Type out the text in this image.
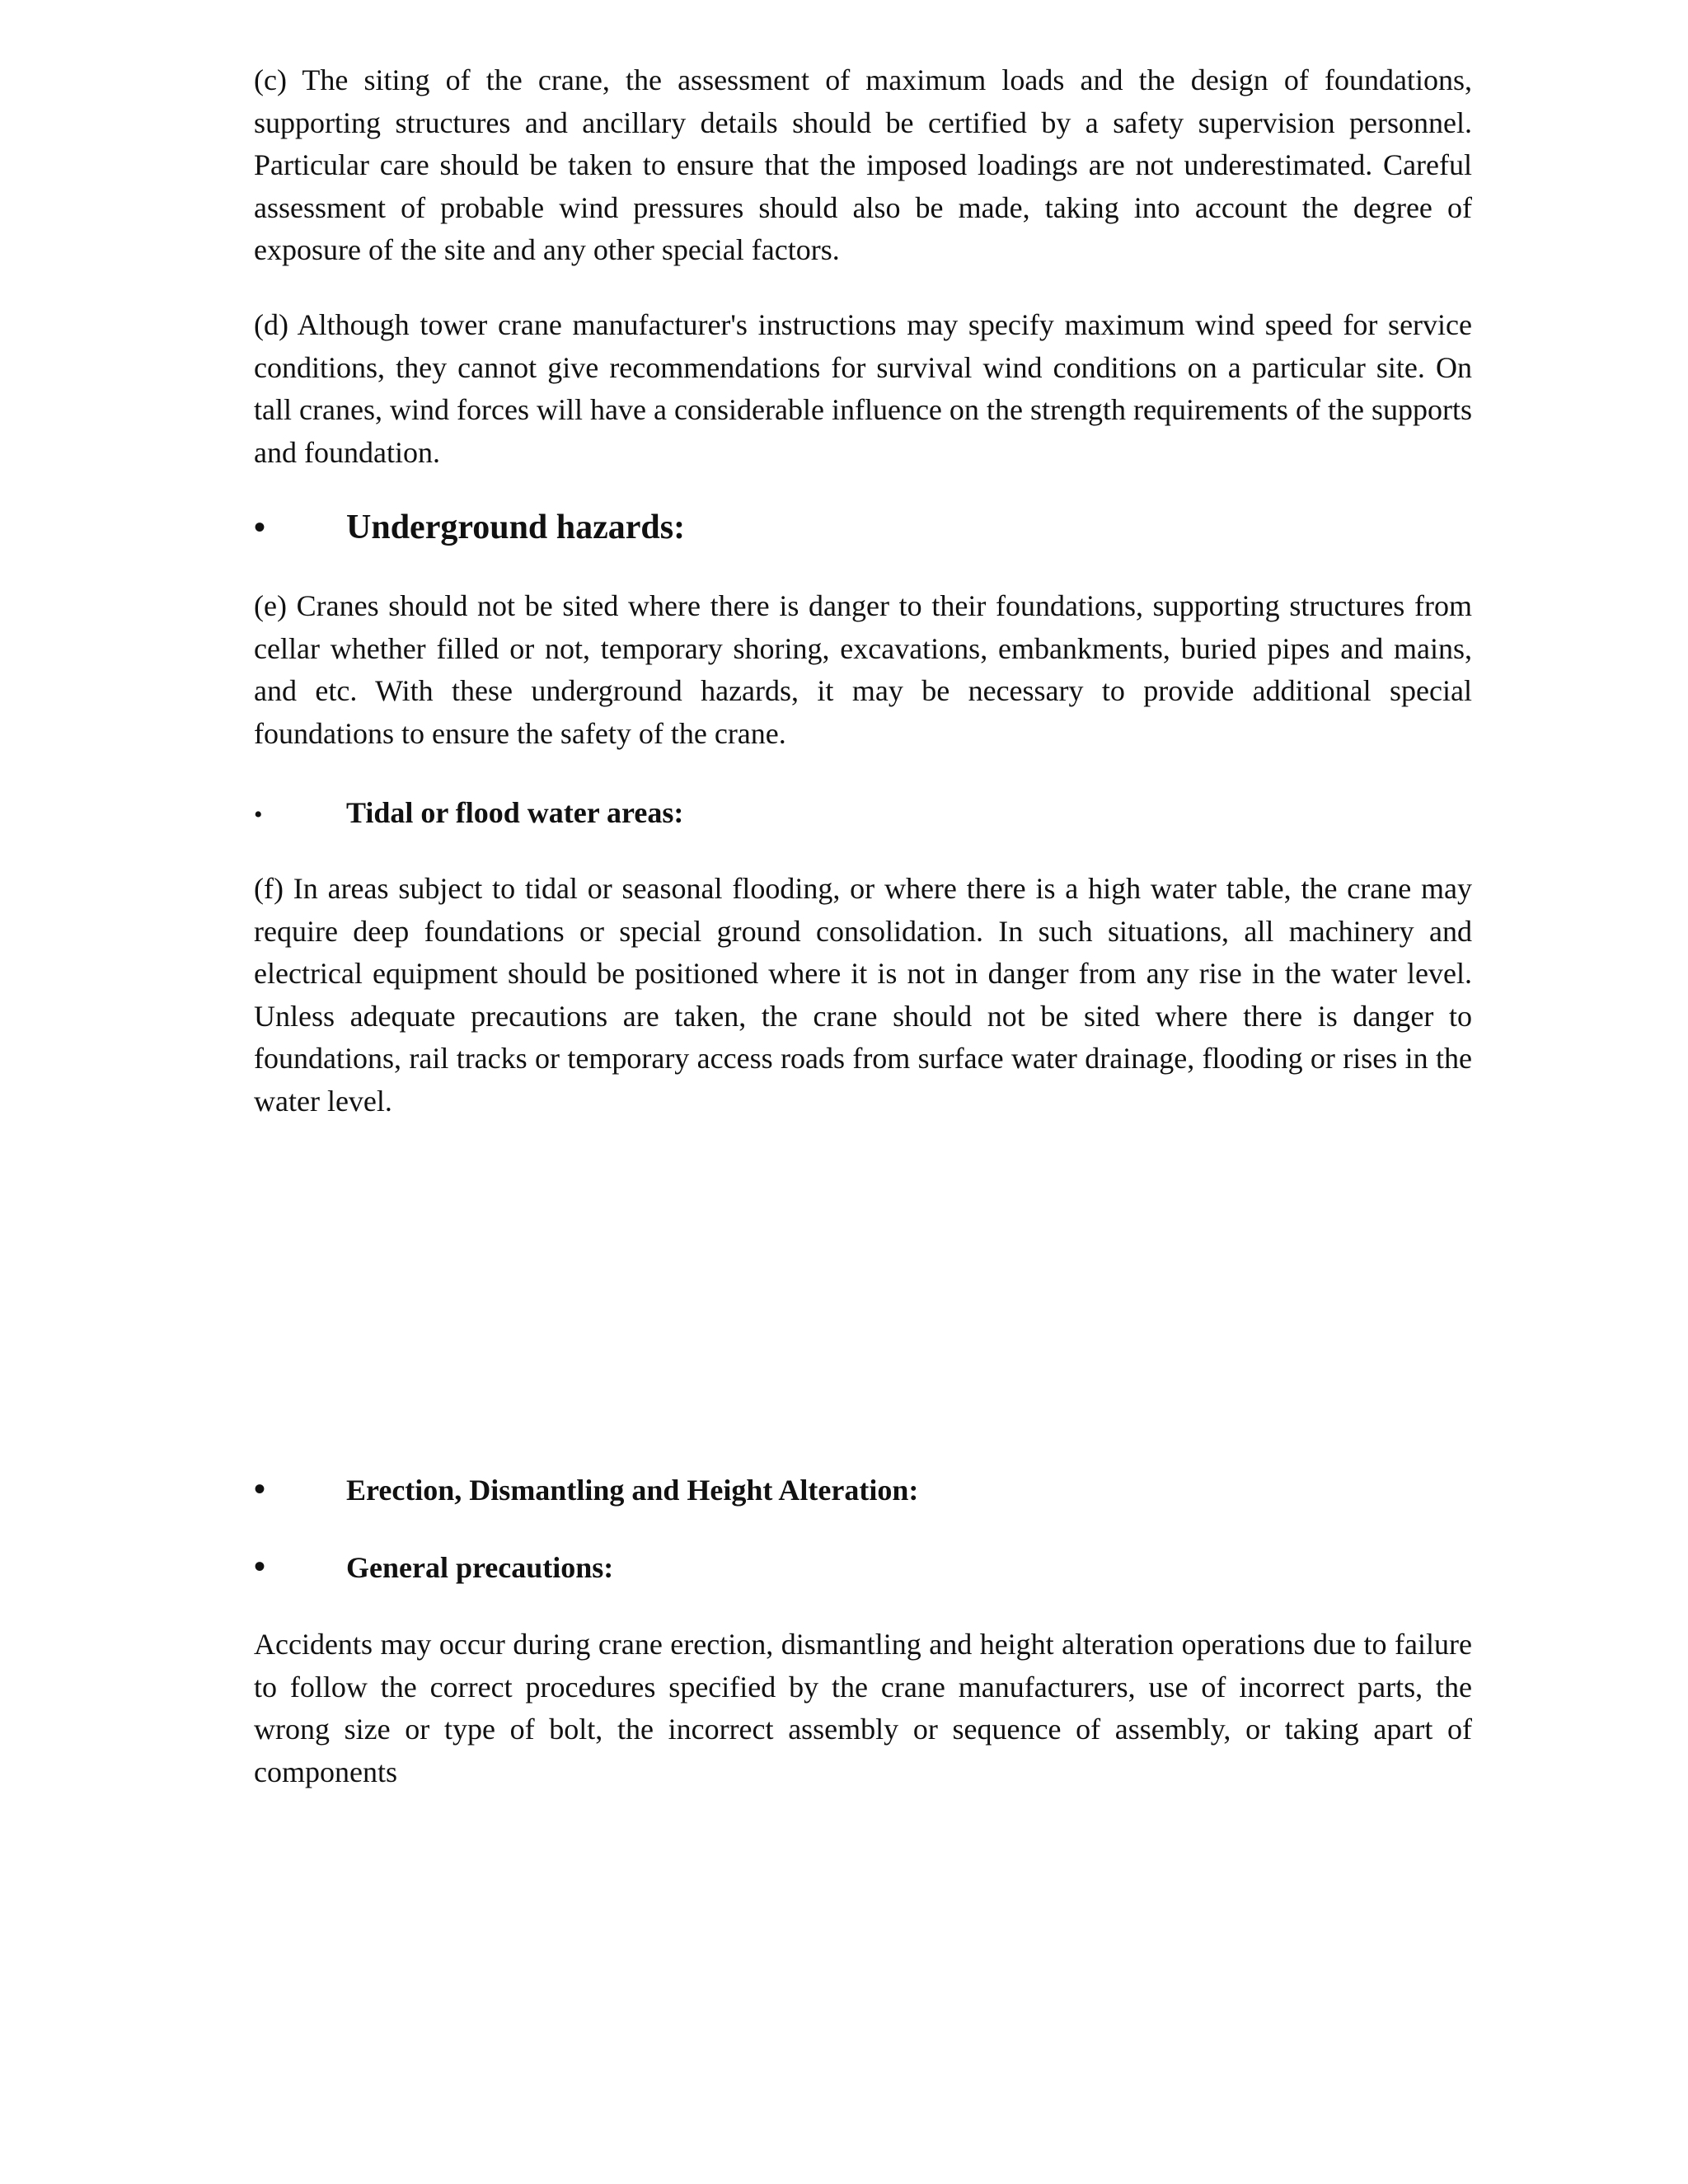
(c) The siting of the crane, the assessment of maximum loads and the design of foundations, supporting structures and ancillary details should be certified by a safety supervision personnel. Particular care should be taken to ensure that the imposed loadings are not underestimated. Careful assessment of probable wind pressures should also be made, taking into account the degree of exposure of the site and any other special factors.

(d) Although tower crane manufacturer's instructions may specify maximum wind speed for service conditions, they cannot give recommendations for survival wind conditions on a particular site. On tall cranes, wind forces will have a considerable influence on the strength requirements of the supports and foundation.

•	Underground hazards:

(e) Cranes should not be sited where there is danger to their foundations, supporting structures from cellar whether filled or not, temporary shoring, excavations, embankments, buried pipes and mains, and etc. With these underground hazards, it may be necessary to provide additional special foundations to ensure the safety of the crane.

•	Tidal or flood water areas:

(f) In areas subject to tidal or seasonal flooding, or where there is a high water table, the crane may require deep foundations or special ground consolidation. In such situations, all machinery and electrical equipment should be positioned where it is not in danger from any rise in the water level. Unless adequate precautions are taken, the crane should not be sited where there is danger to foundations, rail tracks or temporary access roads from surface water drainage, flooding or rises in the water level.

•	Erection, Dismantling and Height Alteration:
•	General precautions:

Accidents may occur during crane erection, dismantling and height alteration operations due to failure to follow the correct procedures specified by the crane manufacturers, use of incorrect parts, the wrong size or type of bolt, the incorrect assembly or sequence of assembly, or taking apart of components
